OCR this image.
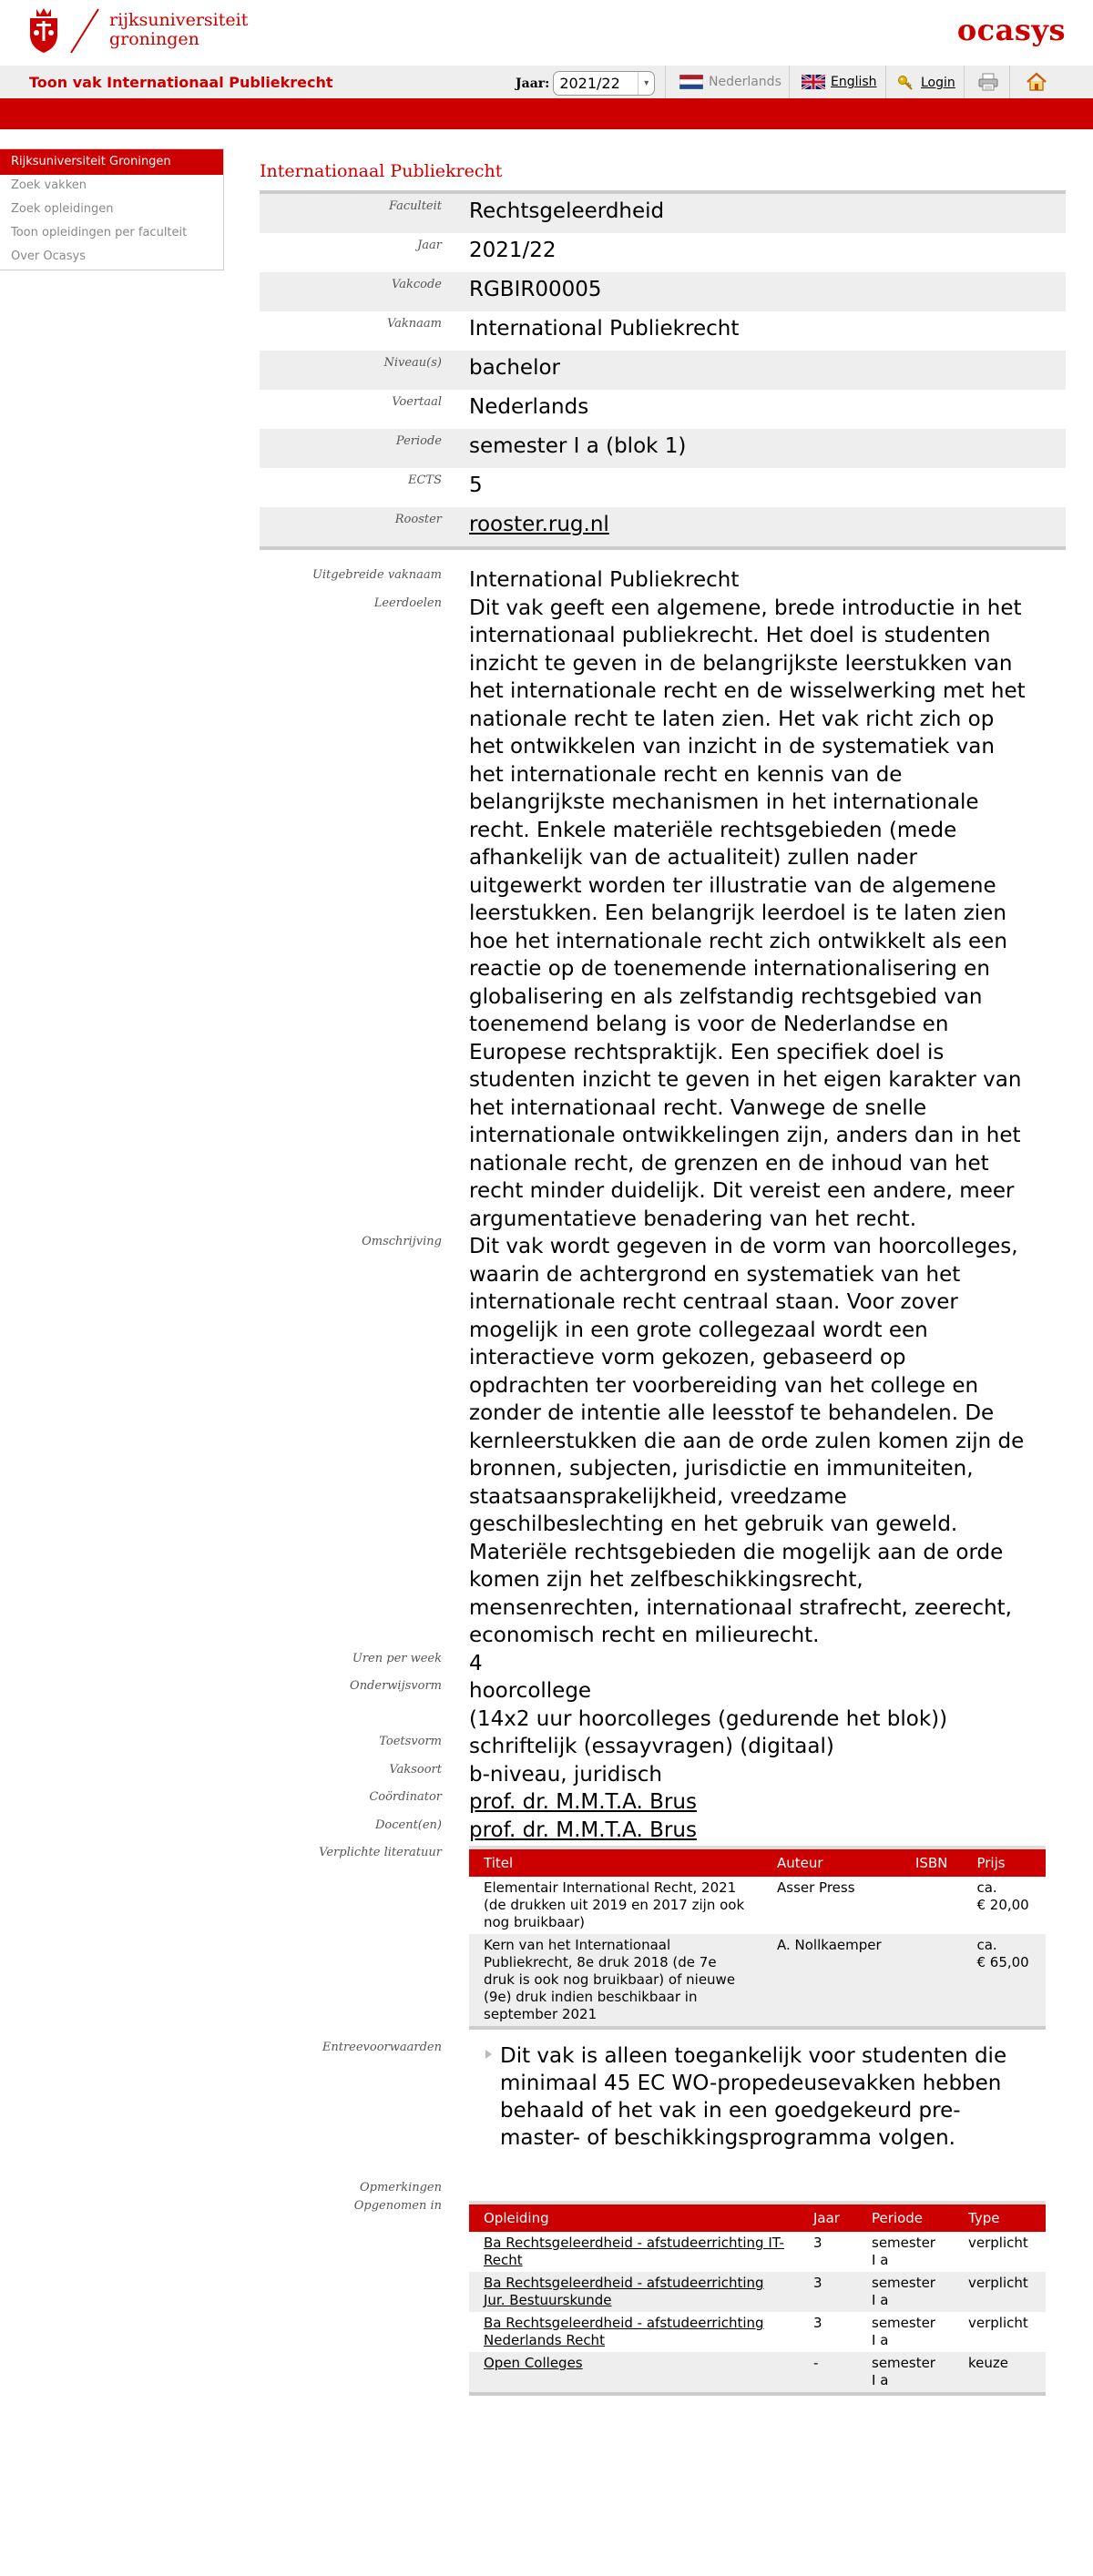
rijksuniversiteit
groningen	ocasys
Toon vak Internationaal Publiekrecht	Jaar: 2021/22	▾	Nederlands	English	Login
Rijksuniversiteit Groningen
Zoek vakken
Zoek opleidingen
Toon opleidingen per faculteit
Over Ocasys
Internationaal Publiekrecht
Faculteit	Rechtsgeleerdheid
Jaar	2021/22
Vakcode	RGBIR00005
Vaknaam	International Publiekrecht
Niveau(s)	bachelor
Voertaal	Nederlands
Periode	semester I a (blok 1)
ECTS	5
Rooster	rooster.rug.nl
Uitgebreide vaknaam	International Publiekrecht
Leerdoelen	Dit vak geeft een algemene, brede introductie in het internationaal publiekrecht. Het doel is studenten inzicht te geven in de belangrijkste leerstukken van het internationale recht en de wisselwerking met het nationale recht te laten zien. Het vak richt zich op het ontwikkelen van inzicht in de systematiek van het internationale recht en kennis van de belangrijkste mechanismen in het internationale recht. Enkele materiële rechtsgebieden (mede afhankelijk van de actualiteit) zullen nader uitgewerkt worden ter illustratie van de algemene leerstukken. Een belangrijk leerdoel is te laten zien hoe het internationale recht zich ontwikkelt als een reactie op de toenemende internationalisering en globalisering en als zelfstandig rechtsgebied van toenemend belang is voor de Nederlandse en Europese rechtspraktijk. Een specifiek doel is studenten inzicht te geven in het eigen karakter van het internationaal recht. Vanwege de snelle internationale ontwikkelingen zijn, anders dan in het nationale recht, de grenzen en de inhoud van het recht minder duidelijk. Dit vereist een andere, meer argumentatieve benadering van het recht.
Omschrijving	Dit vak wordt gegeven in de vorm van hoorcolleges, waarin de achtergrond en systematiek van het internationale recht centraal staan. Voor zover mogelijk in een grote collegezaal wordt een interactieve vorm gekozen, gebaseerd op opdrachten ter voorbereiding van het college en zonder de intentie alle leesstof te behandelen. De kernleerstukken die aan de orde zulen komen zijn de bronnen, subjecten, jurisdictie en immuniteiten, staatsaansprakelijkheid, vreedzame geschilbeslechting en het gebruik van geweld. Materiële rechtsgebieden die mogelijk aan de orde komen zijn het zelfbeschikkingsrecht, mensenrechten, internationaal strafrecht, zeerecht, economisch recht en milieurecht.
Uren per week	4
Onderwijsvorm	hoorcollege
(14x2 uur hoorcolleges (gedurende het blok))

Toetsvorm	schriftelijk (essayvragen) (digitaal)
Vaksoort	b-niveau, juridisch
Coördinator	prof. dr. M.M.T.A. Brus
Docent(en)	prof. dr. M.M.T.A. Brus
Verplichte literatuur	
Titel	Auteur	ISBN	Prijs
Elementair International Recht, 2021 (de drukken uit 2019 en 2017 zijn ook nog bruikbaar)	Asser Press		ca.
€ 20,00

Kern van het Internationaal Publiekrecht, 8e druk 2018 (de 7e druk is ook nog bruikbaar) of nieuwe (9e) druk indien beschikbaar in september 2021	A. Nollkaemper		ca.
€ 65,00

Entreevoorwaarden	Dit vak is alleen toegankelijk voor studenten die minimaal 45 EC WO-propedeusevakken hebben behaald of het vak in een goedgekeurd pre-master- of beschikkingsprogramma volgen.

Opmerkingen	
Opgenomen in	
Opleiding	Jaar	Periode	Type
Ba Rechtsgeleerdheid - afstudeerrichting IT-Recht	3	semester I a	verplicht
Ba Rechtsgeleerdheid - afstudeerrichting Jur. Bestuurskunde	3	semester I a	verplicht
Ba Rechtsgeleerdheid - afstudeerrichting Nederlands Recht	3	semester I a	verplicht
Open Colleges	-	semester I a	keuze
